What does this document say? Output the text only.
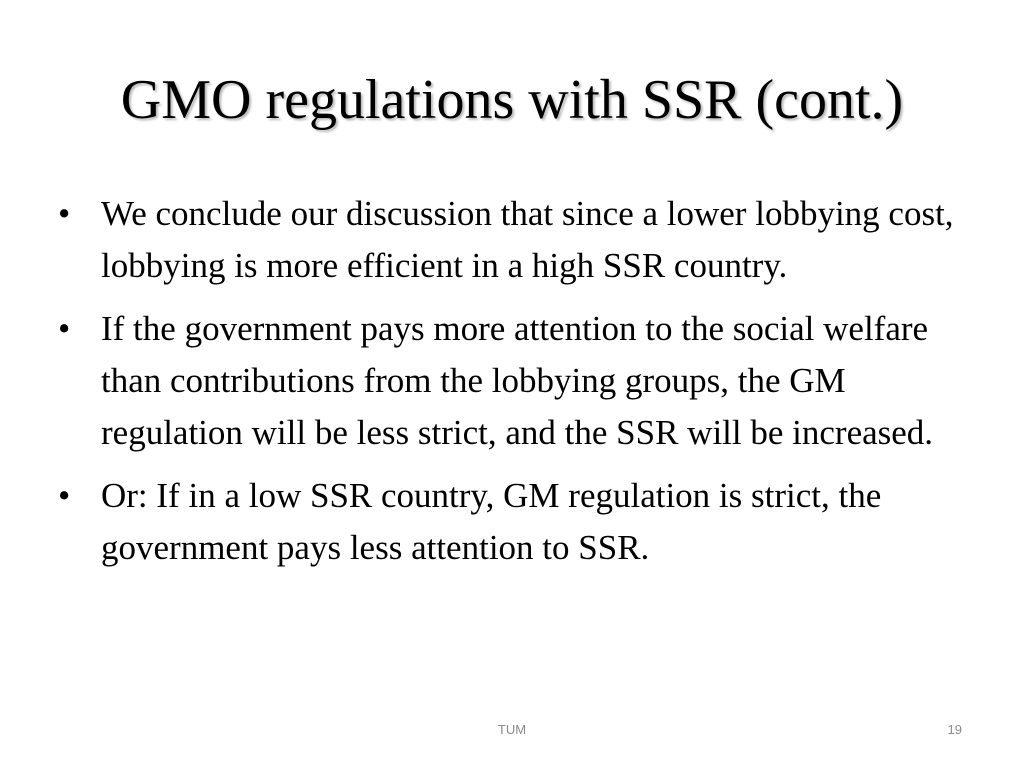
GMO regulations with SSR (cont.)
• We conclude our discussion that since a lower lobbying cost, lobbying is more efficient in a high SSR country.
• If the government pays more attention to the social welfare than contributions from the lobbying groups, the GM regulation will be less strict, and the SSR will be increased.
• Or: If in a low SSR country, GM regulation is strict, the government pays less attention to SSR.
TUM	19
